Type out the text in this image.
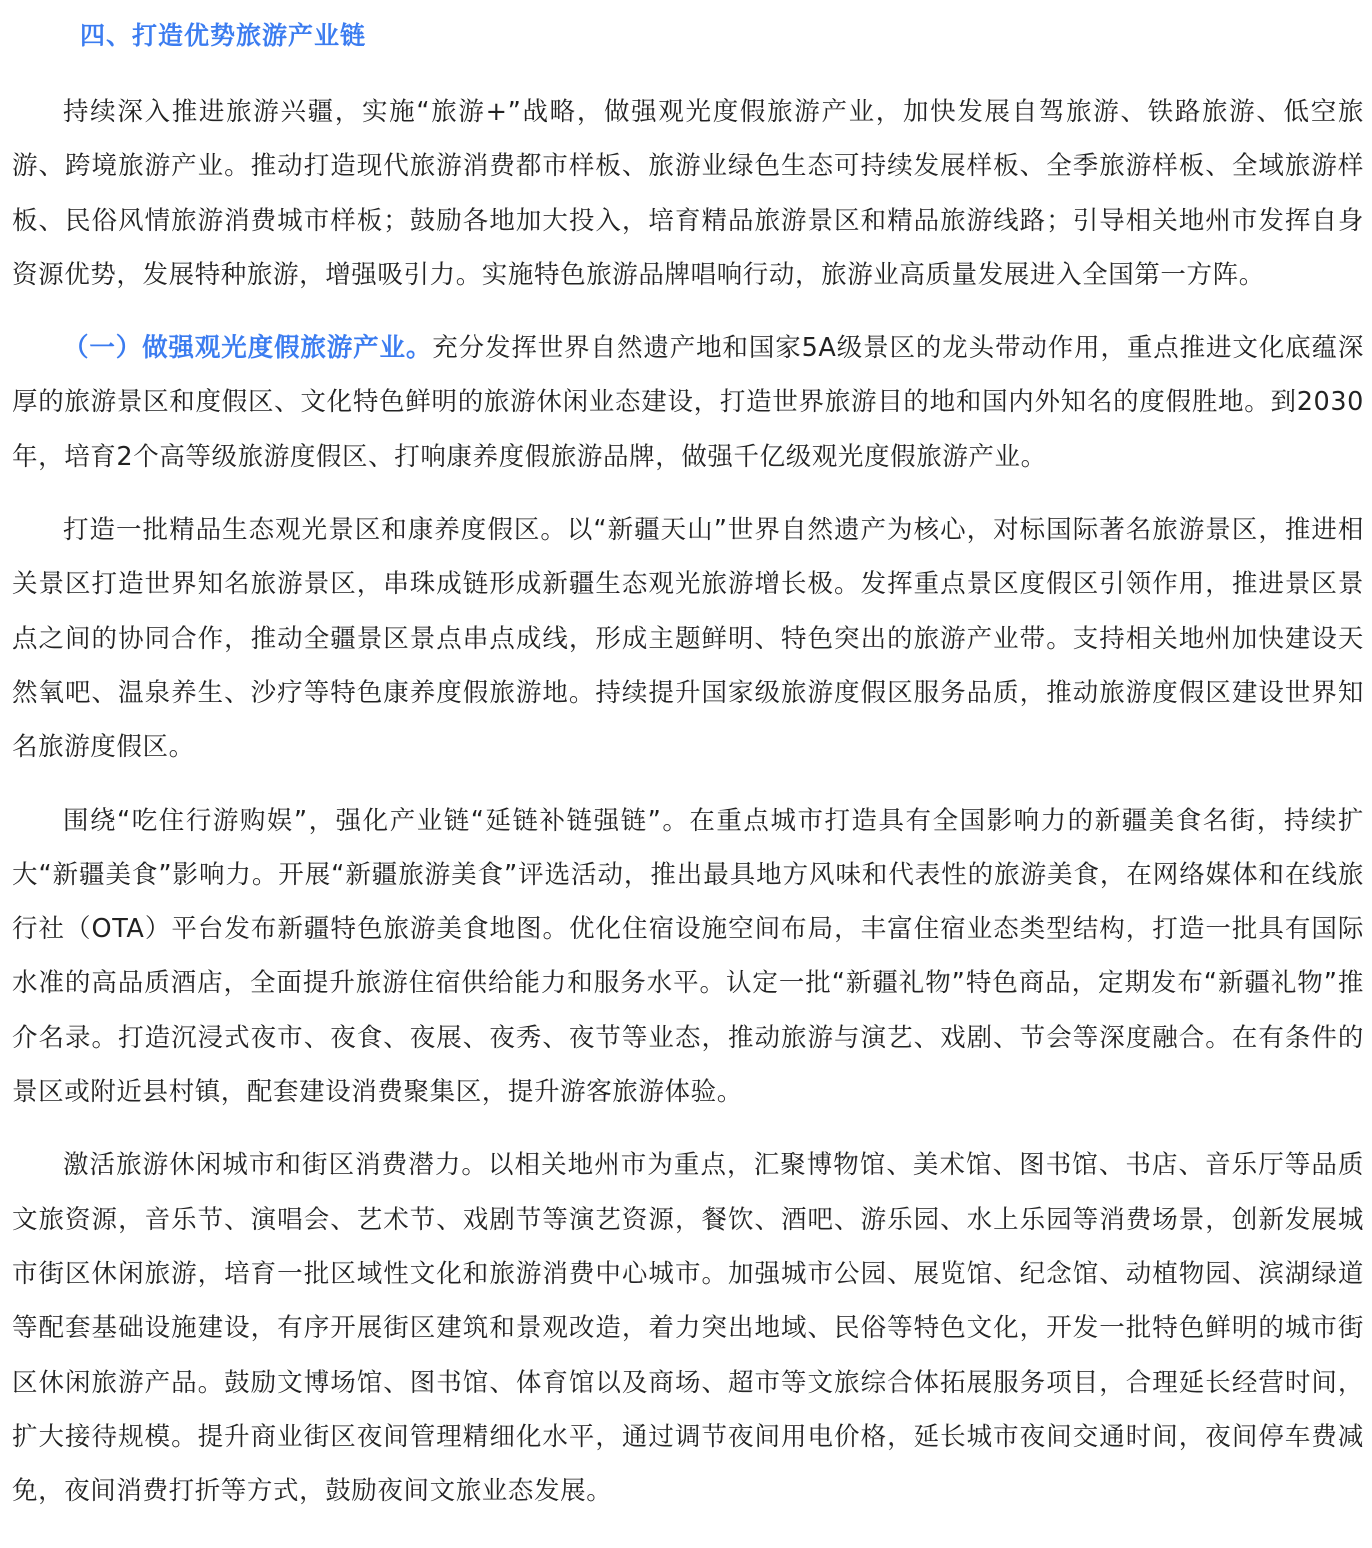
四、打造优势旅游产业链

持续深入推进旅游兴疆，实施“旅游+”战略，做强观光度假旅游产业，加快发展自驾旅游、铁路旅游、低空旅游、跨境旅游产业。推动打造现代旅游消费都市样板、旅游业绿色生态可持续发展样板、全季旅游样板、全域旅游样板、民俗风情旅游消费城市样板；鼓励各地加大投入，培育精品旅游景区和精品旅游线路；引导相关地州市发挥自身资源优势，发展特种旅游，增强吸引力。实施特色旅游品牌唱响行动，旅游业高质量发展进入全国第一方阵。

（一）做强观光度假旅游产业。充分发挥世界自然遗产地和国家5A级景区的龙头带动作用，重点推进文化底蕴深厚的旅游景区和度假区、文化特色鲜明的旅游休闲业态建设，打造世界旅游目的地和国内外知名的度假胜地。到2030年，培育2个高等级旅游度假区、打响康养度假旅游品牌，做强千亿级观光度假旅游产业。

打造一批精品生态观光景区和康养度假区。以“新疆天山”世界自然遗产为核心，对标国际著名旅游景区，推进相关景区打造世界知名旅游景区，串珠成链形成新疆生态观光旅游增长极。发挥重点景区度假区引领作用，推进景区景点之间的协同合作，推动全疆景区景点串点成线，形成主题鲜明、特色突出的旅游产业带。支持相关地州加快建设天然氧吧、温泉养生、沙疗等特色康养度假旅游地。持续提升国家级旅游度假区服务品质，推动旅游度假区建设世界知名旅游度假区。

围绕“吃住行游购娱”，强化产业链“延链补链强链”。在重点城市打造具有全国影响力的新疆美食名街，持续扩大“新疆美食”影响力。开展“新疆旅游美食”评选活动，推出最具地方风味和代表性的旅游美食，在网络媒体和在线旅行社（OTA）平台发布新疆特色旅游美食地图。优化住宿设施空间布局，丰富住宿业态类型结构，打造一批具有国际水准的高品质酒店，全面提升旅游住宿供给能力和服务水平。认定一批“新疆礼物”特色商品，定期发布“新疆礼物”推介名录。打造沉浸式夜市、夜食、夜展、夜秀、夜节等业态，推动旅游与演艺、戏剧、节会等深度融合。在有条件的景区或附近县村镇，配套建设消费聚集区，提升游客旅游体验。

激活旅游休闲城市和街区消费潜力。以相关地州市为重点，汇聚博物馆、美术馆、图书馆、书店、音乐厅等品质文旅资源，音乐节、演唱会、艺术节、戏剧节等演艺资源，餐饮、酒吧、游乐园、水上乐园等消费场景，创新发展城市街区休闲旅游，培育一批区域性文化和旅游消费中心城市。加强城市公园、展览馆、纪念馆、动植物园、滨湖绿道等配套基础设施建设，有序开展街区建筑和景观改造，着力突出地域、民俗等特色文化，开发一批特色鲜明的城市街区休闲旅游产品。鼓励文博场馆、图书馆、体育馆以及商场、超市等文旅综合体拓展服务项目，合理延长经营时间，扩大接待规模。提升商业街区夜间管理精细化水平，通过调节夜间用电价格，延长城市夜间交通时间，夜间停车费减免，夜间消费打折等方式，鼓励夜间文旅业态发展。
